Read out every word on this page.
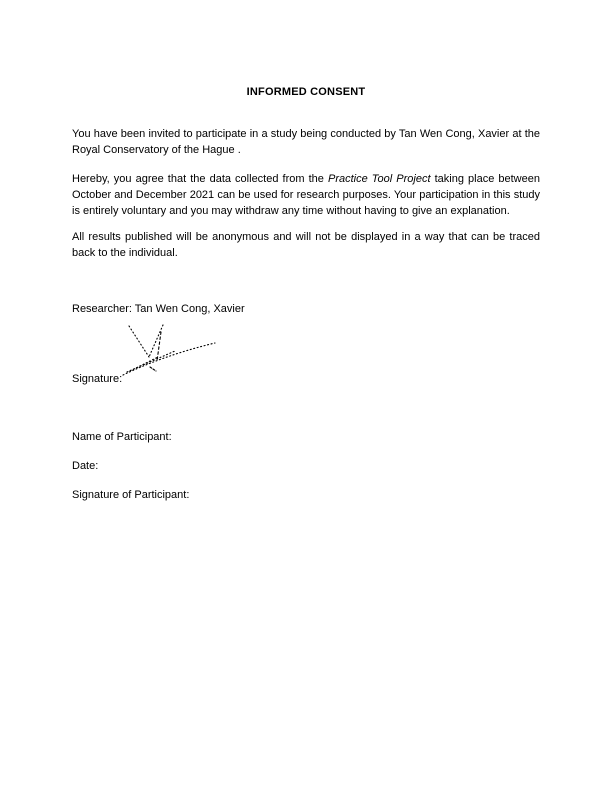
INFORMED CONSENT

You have been invited to participate in a study being conducted by Tan Wen Cong, Xavier at the Royal Conservatory of the Hague .

Hereby, you agree that the data collected from the Practice Tool Project taking place between October and December 2021 can be used for research purposes. Your participation in this study is entirely voluntary and you may withdraw any time without having to give an explanation.

All results published will be anonymous and will not be displayed in a way that can be traced back to the individual.

Researcher: Tan Wen Cong, Xavier

Signature:

Name of Participant:

Date:

Signature of Participant:
